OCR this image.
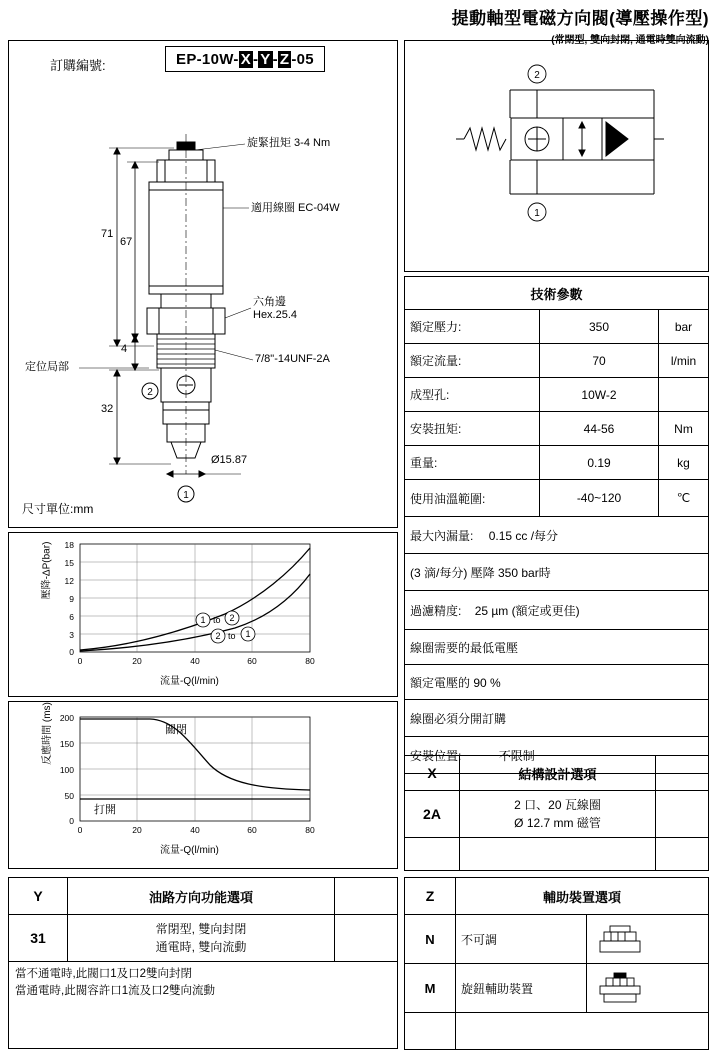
提動軸型電磁方向閥(導壓操作型)
(常閉型, 雙向封閉, 通電時雙向流動)
訂購編號:	EP-10W- X - Y - Z -05
2
1
71
67
4
32
Ø15.87
定位局部
旋緊扭矩 3-4 Nm
適用線圈 EC-04W
六角邊
Hex.25.4
7/8"-14UNF-2A
尺寸單位:mm
18
15
12
9
6
3
0
0	20	40	60	80
1 to 2
2 to 1
壓降-ΔP(bar)
流量-Q(l/min)
200
150
100
50
0
0	20	40	60	80
關閉
打開
反應時間 (ms)
流量-Q(l/min)
Y	油路方向功能選項	
31	常閉型, 雙向封閉
通電時, 雙向流動	

當不通電時,此閥口1及口2雙向封閉
當通電時,此閥容許口1流及口2雙向流動		
2
1
技術參數		
額定壓力:	350	bar
額定流量:	70	l/min
成型孔:	10W-2	
安裝扭矩:	44-56	Nm
重量:	0.19	kg
使用油溫範圍:	-40~120	℃
最大內漏量: 0.15 cc /每分		
(3 滴/每分) 壓降 350 bar時		
過濾精度: 25 µm (額定或更佳)		
線圈需要的最低電壓		
額定電壓的 90 %		
線圈必須分開訂購		
安裝位置: 不限制		
X	結構設計選項	
2A	2 口、20 瓦線圈
Ø 12.7 mm 磁管	

Z	輔助裝置選項	
N	不可調	

M	旋鈕輔助裝置	
